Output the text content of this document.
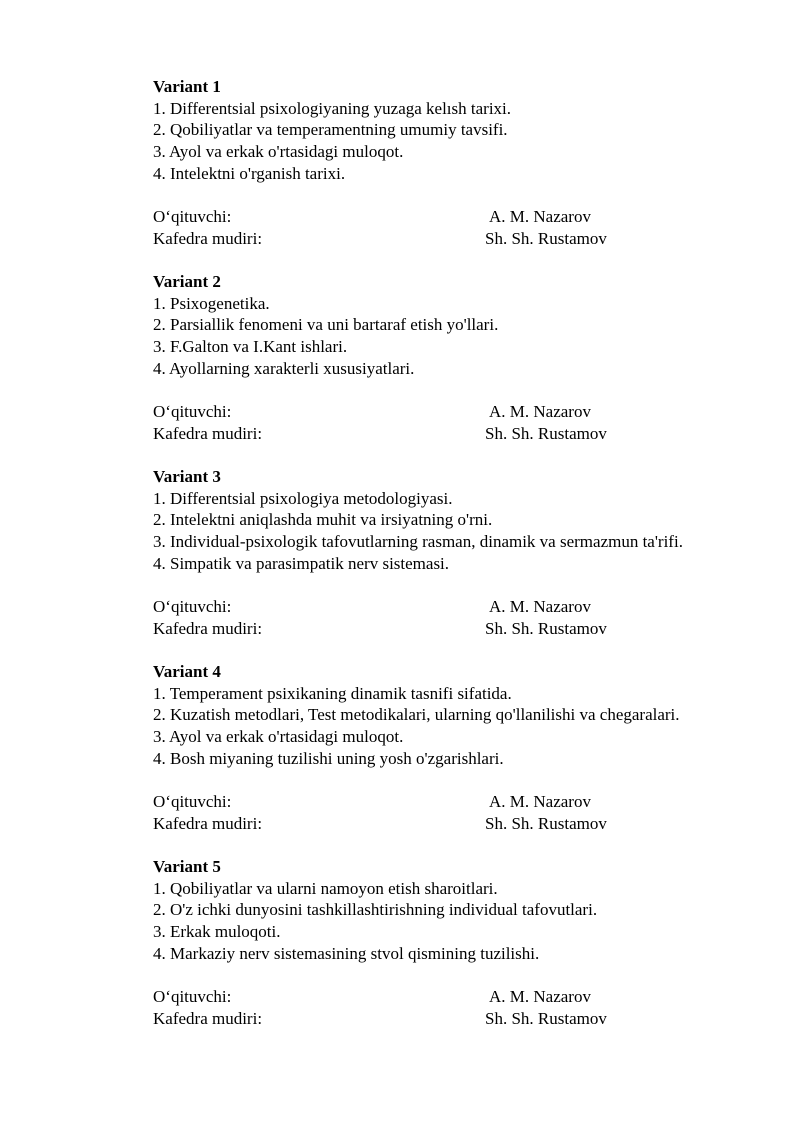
Variant 1
1. Differentsial psixologiyaning yuzaga kelısh tarixi.
2. Qobiliyatlar va temperamentning umumiy tavsifi.
3. Ayol va erkak o'rtasidagi muloqot.
4. Intelektni o'rganish tarixi.
O‘qituvchi:	A. M. Nazarov
Kafedra mudiri:	Sh. Sh. Rustamov
Variant 2
1. Psixogenetika.
2. Parsiallik fenomeni va uni bartaraf etish yo'llari.
3. F.Galton va I.Kant ishlari.
4. Ayollarning xarakterli xususiyatlari.
O‘qituvchi:	A. M. Nazarov
Kafedra mudiri:	Sh. Sh. Rustamov
Variant 3
1. Differentsial psixologiya metodologiyasi.
2. Intelektni aniqlashda muhit va irsiyatning o'rni.
3. Individual-psixologik tafovutlarning rasman, dinamik va sermazmun ta'rifi.
4. Simpatik va parasimpatik nerv sistemasi.
O‘qituvchi:	A. M. Nazarov
Kafedra mudiri:	Sh. Sh. Rustamov
Variant 4
1. Temperament psixikaning dinamik tasnifi sifatida.
2. Kuzatish metodlari, Test metodikalari, ularning qo'llanilishi va chegaralari.
3. Ayol va erkak o'rtasidagi muloqot.
4. Bosh miyaning tuzilishi uning yosh o'zgarishlari.
O‘qituvchi:	A. M. Nazarov
Kafedra mudiri:	Sh. Sh. Rustamov
Variant 5
1. Qobiliyatlar va ularni namoyon etish sharoitlari.
2. O'z ichki dunyosini tashkillashtirishning individual tafovutlari.
3. Erkak muloqoti.
4. Markaziy nerv sistemasining stvol qismining tuzilishi.
O‘qituvchi:	A. M. Nazarov
Kafedra mudiri:	Sh. Sh. Rustamov
